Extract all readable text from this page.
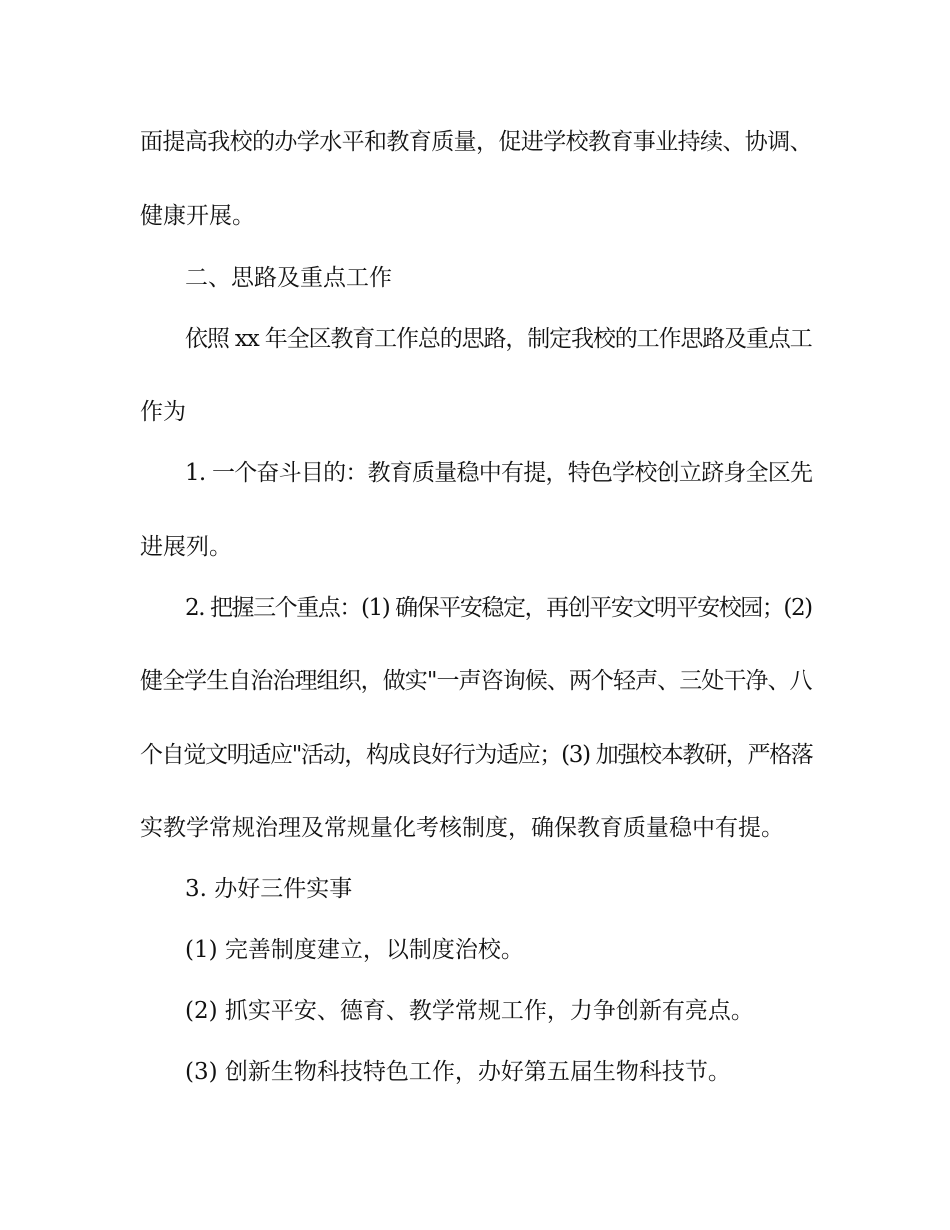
面提高我校的办学水平和教育质量，促进学校教育事业持续、协调、

健康开展。

二、思路及重点工作

依照 xx 年全区教育工作总的思路，制定我校的工作思路及重点工

作为

1. 一个奋斗目的：教育质量稳中有提，特色学校创立跻身全区先

进展列。

2. 把握三个重点：(1) 确保平安稳定，再创平安文明平安校园；(2)

健全学生自治治理组织，做实"一声咨询候、两个轻声、三处干净、八

个自觉文明适应"活动，构成良好行为适应；(3) 加强校本教研，严格落

实教学常规治理及常规量化考核制度，确保教育质量稳中有提。

3. 办好三件实事

(1) 完善制度建立，以制度治校。

(2) 抓实平安、德育、教学常规工作，力争创新有亮点。

(3) 创新生物科技特色工作，办好第五届生物科技节。
